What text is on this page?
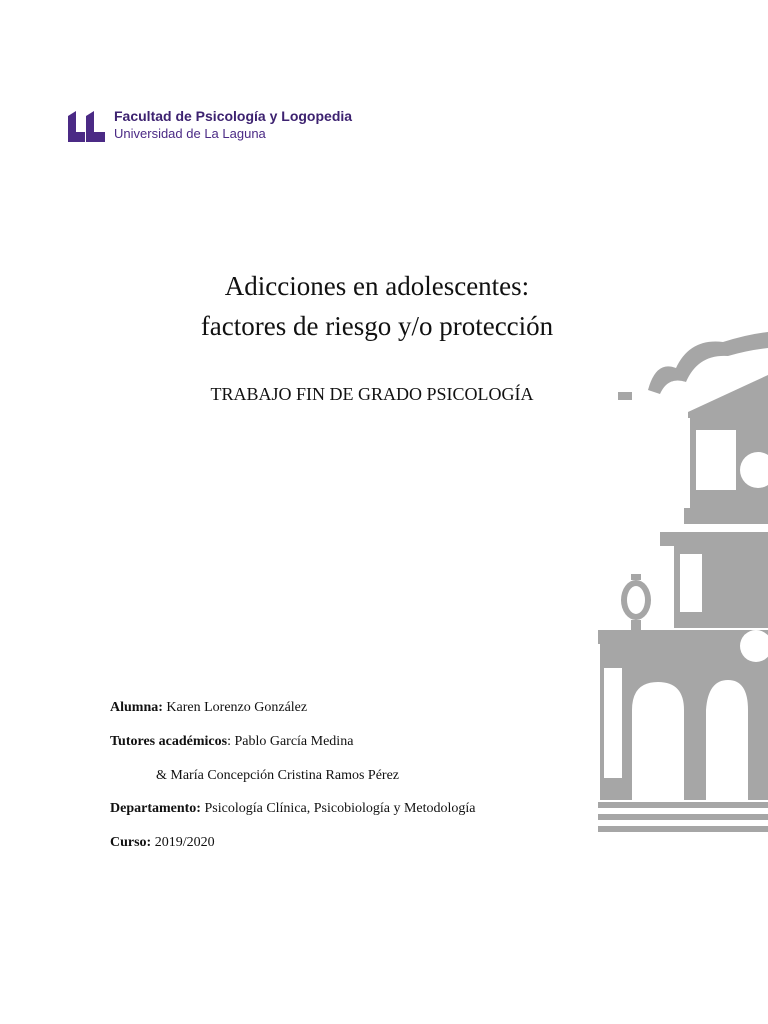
Facultad de Psicología y Logopedia
Universidad de La Laguna
Adicciones en adolescentes:
factores de riesgo y/o protección
TRABAJO FIN DE GRADO PSICOLOGÍA
Alumna: Karen Lorenzo González
Tutores académicos: Pablo García Medina
& María Concepción Cristina Ramos Pérez
Departamento: Psicología Clínica, Psicobiología y Metodología
Curso: 2019/2020
